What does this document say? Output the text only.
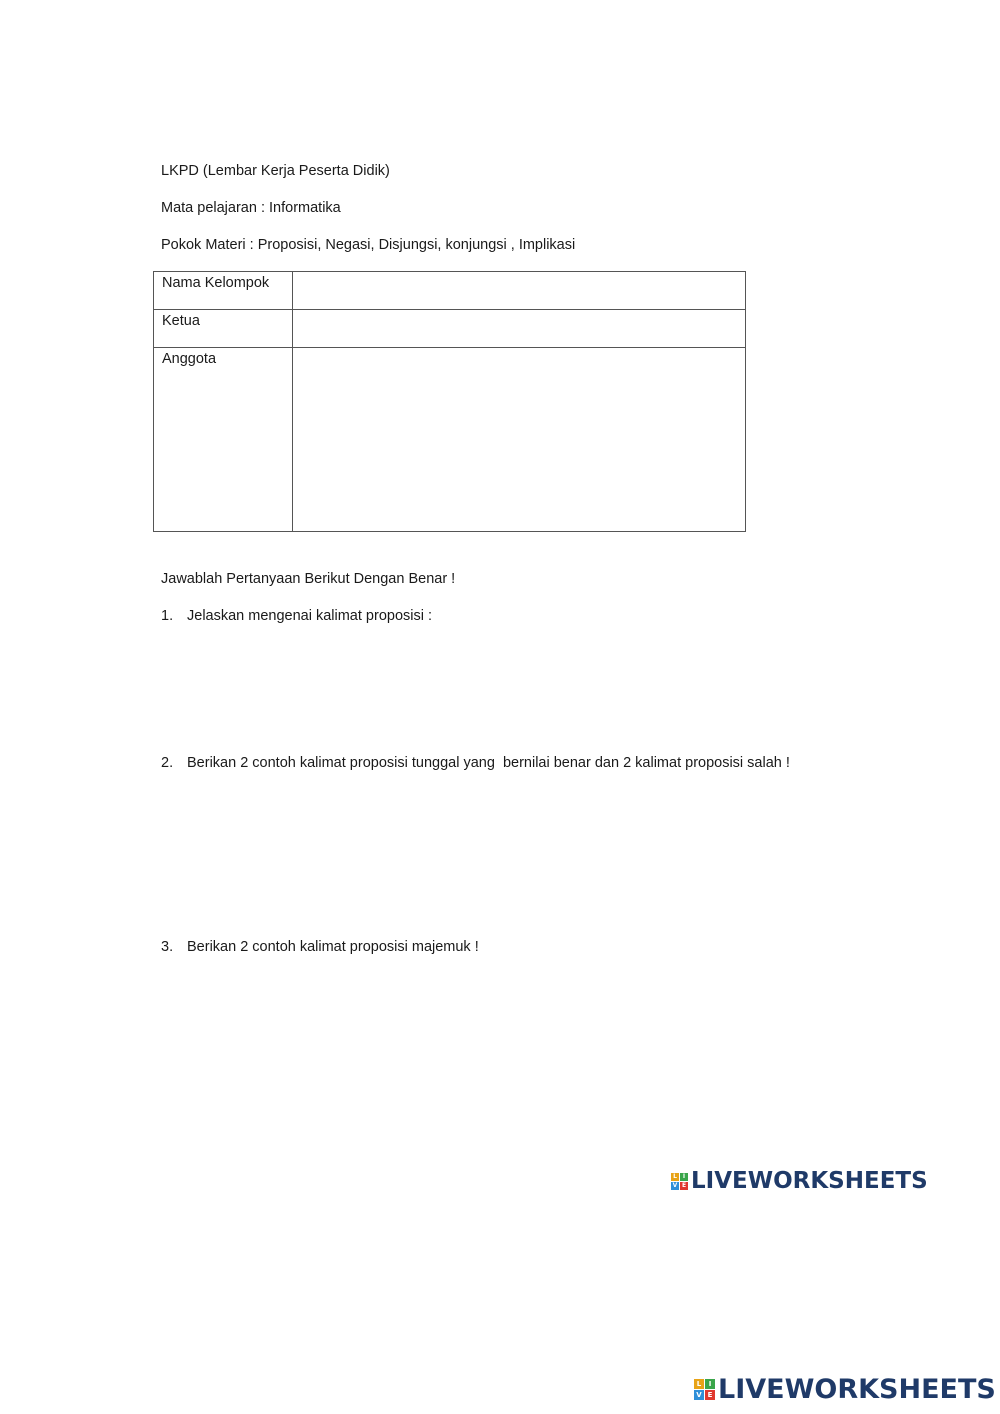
LKPD (Lembar Kerja Peserta Didik)
Mata pelajaran : Informatika
Pokok Materi : Proposisi, Negasi, Disjungsi, konjungsi , Implikasi
Nama Kelompok	
Ketua	
Anggota	
Jawablah Pertanyaan Berikut Dengan Benar !
1. Jelaskan mengenai kalimat proposisi :
2. Berikan 2 contoh kalimat proposisi tunggal yang  bernilai benar dan 2 kalimat proposisi salah !
3. Berikan 2 contoh kalimat proposisi majemuk !
L I
V E LIVEWORKSHEETS
L	I
V E LIVEWORKSHEETS
